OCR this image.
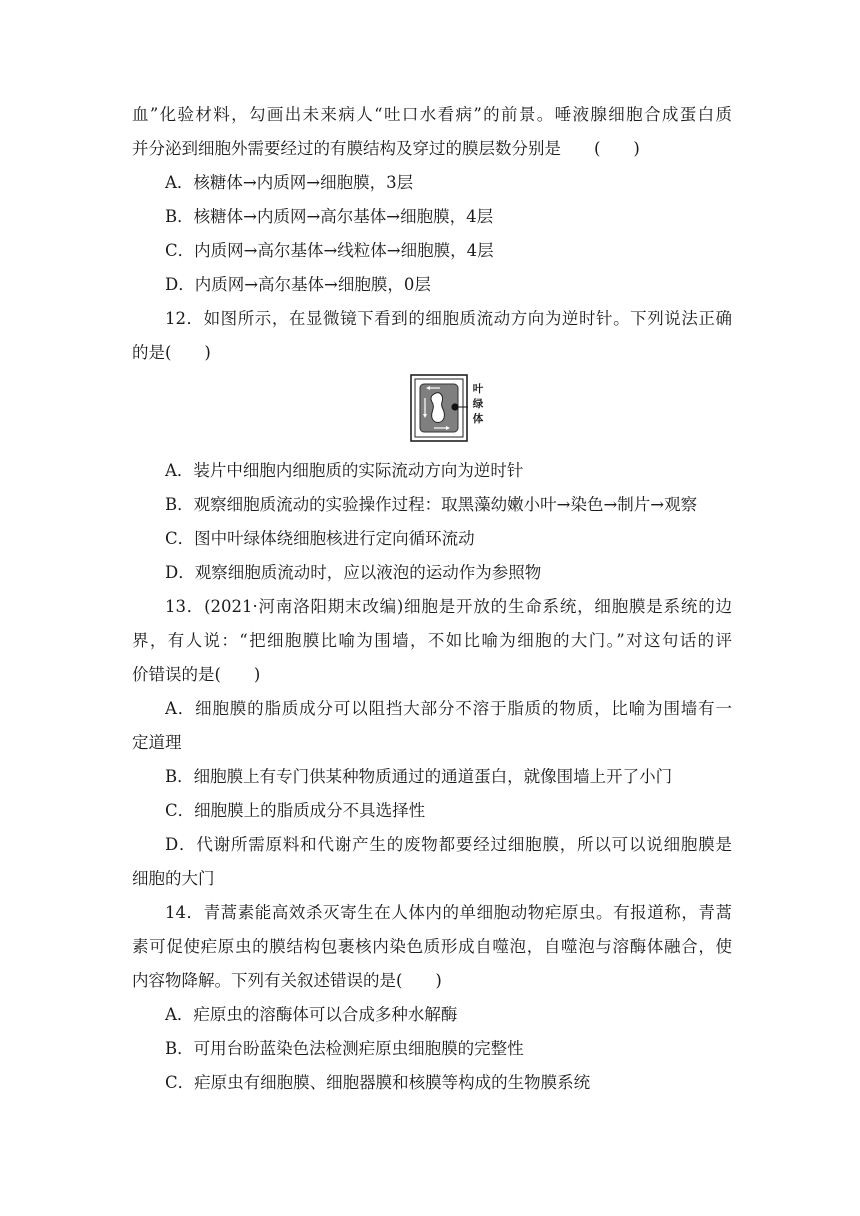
血”化验材料，勾画出未来病人“吐口水看病”的前景。唾液腺细胞合成蛋白质
并分泌到细胞外需要经过的有膜结构及穿过的膜层数分别是　　(　　)
A．核糖体→内质网→细胞膜，3层
B．核糖体→内质网→高尔基体→细胞膜，4层
C．内质网→高尔基体→线粒体→细胞膜，4层
D．内质网→高尔基体→细胞膜，0层
12．如图所示，在显微镜下看到的细胞质流动方向为逆时针。下列说法正确
的是(　　)
叶
绿
体
A．装片中细胞内细胞质的实际流动方向为逆时针
B．观察细胞质流动的实验操作过程：取黑藻幼嫩小叶→染色→制片→观察
C．图中叶绿体绕细胞核进行定向循环流动
D．观察细胞质流动时，应以液泡的运动作为参照物
13．(2021·河南洛阳期末改编)细胞是开放的生命系统，细胞膜是系统的边
界，有人说：“把细胞膜比喻为围墙，不如比喻为细胞的大门。”对这句话的评
价错误的是(　　)
A．细胞膜的脂质成分可以阻挡大部分不溶于脂质的物质，比喻为围墙有一
定道理
B．细胞膜上有专门供某种物质通过的通道蛋白，就像围墙上开了小门
C．细胞膜上的脂质成分不具选择性
D．代谢所需原料和代谢产生的废物都要经过细胞膜，所以可以说细胞膜是
细胞的大门
14．青蒿素能高效杀灭寄生在人体内的单细胞动物疟原虫。有报道称，青蒿
素可促使疟原虫的膜结构包裹核内染色质形成自噬泡，自噬泡与溶酶体融合，使
内容物降解。下列有关叙述错误的是(　　)
A．疟原虫的溶酶体可以合成多种水解酶
B．可用台盼蓝染色法检测疟原虫细胞膜的完整性
C．疟原虫有细胞膜、细胞器膜和核膜等构成的生物膜系统
